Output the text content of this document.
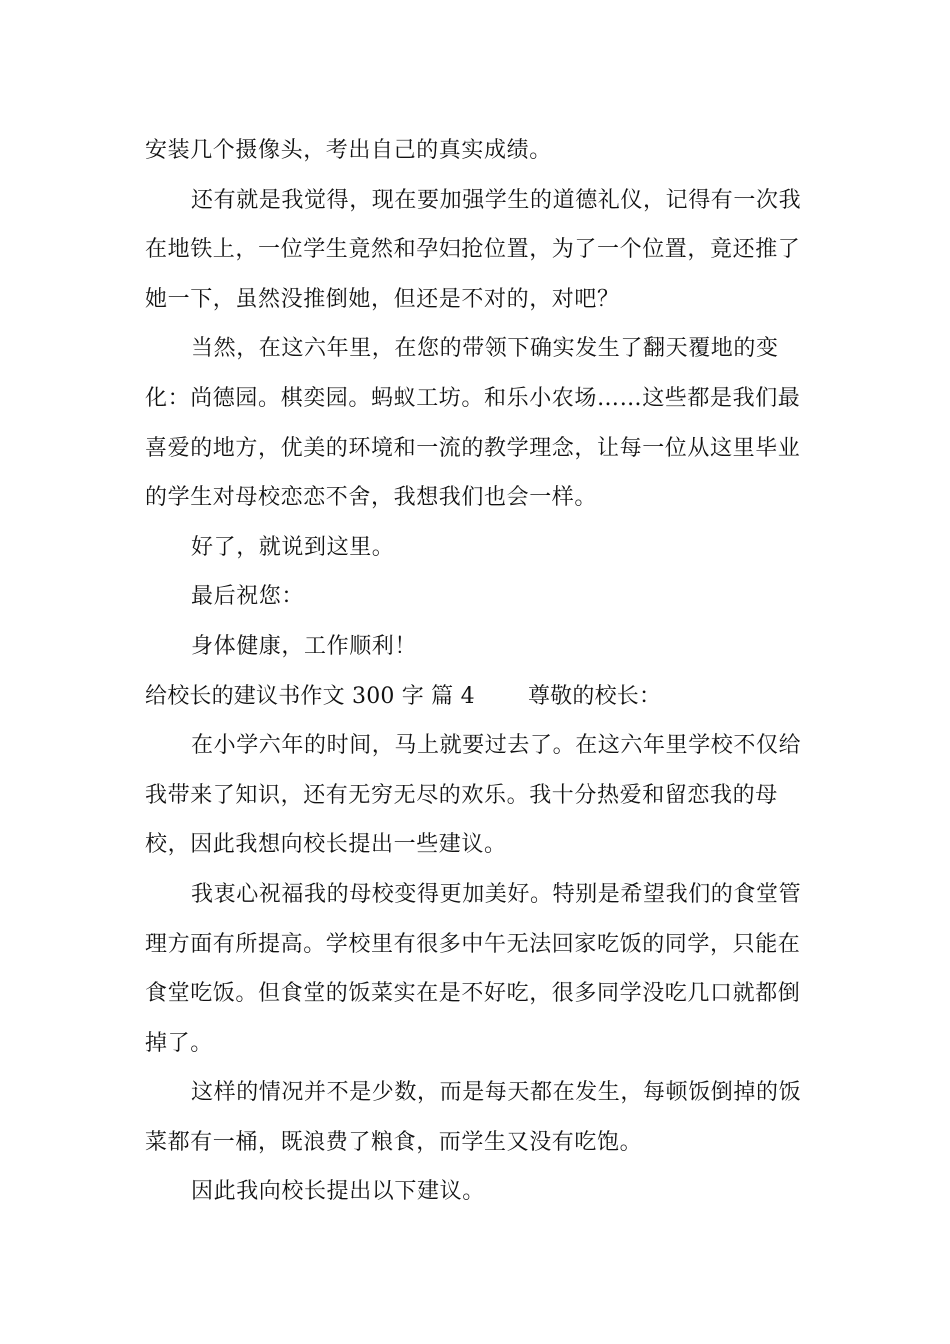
安装几个摄像头，考出自己的真实成绩。

还有就是我觉得，现在要加强学生的道德礼仪，记得有一次我在地铁上，一位学生竟然和孕妇抢位置，为了一个位置，竟还推了她一下，虽然没推倒她，但还是不对的，对吧？

当然，在这六年里，在您的带领下确实发生了翻天覆地的变化：尚德园。棋奕园。蚂蚁工坊。和乐小农场……这些都是我们最喜爱的地方，优美的环境和一流的教学理念，让每一位从这里毕业的学生对母校恋恋不舍，我想我们也会一样。

好了，就说到这里。

最后祝您：

身体健康，工作顺利！

给校长的建议书作文 300 字 篇 4 尊敬的校长：

在小学六年的时间，马上就要过去了。在这六年里学校不仅给我带来了知识，还有无穷无尽的欢乐。我十分热爱和留恋我的母校，因此我想向校长提出一些建议。

我衷心祝福我的母校变得更加美好。特别是希望我们的食堂管理方面有所提高。学校里有很多中午无法回家吃饭的同学，只能在食堂吃饭。但食堂的饭菜实在是不好吃，很多同学没吃几口就都倒掉了。

这样的情况并不是少数，而是每天都在发生，每顿饭倒掉的饭菜都有一桶，既浪费了粮食，而学生又没有吃饱。

因此我向校长提出以下建议。
